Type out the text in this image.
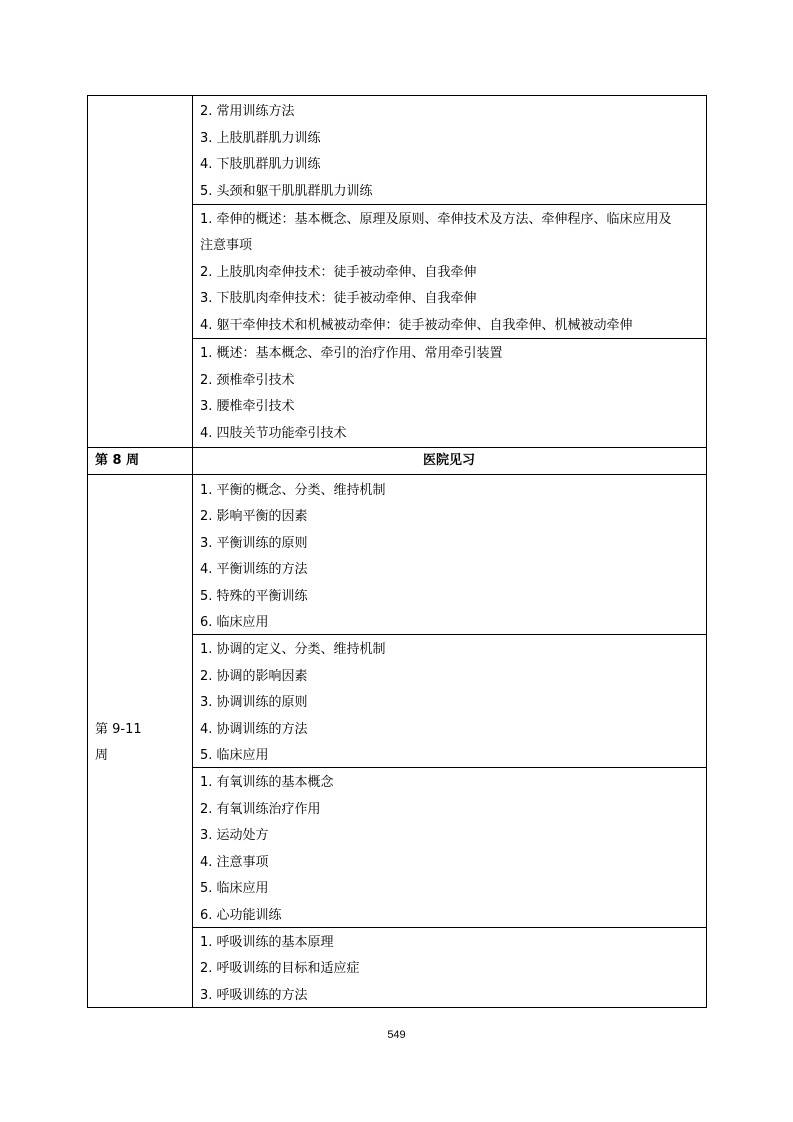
2. 常用训练方法
3. 上肢肌群肌力训练
4. 下肢肌群肌力训练
5. 头颈和躯干肌肌群肌力训练
1. 牵伸的概述：基本概念、原理及原则、牵伸技术及方法、牵伸程序、临床应用及
注意事项
2. 上肢肌肉牵伸技术：徒手被动牵伸、自我牵伸
3. 下肢肌肉牵伸技术：徒手被动牵伸、自我牵伸
4. 躯干牵伸技术和机械被动牵伸：徒手被动牵伸、自我牵伸、机械被动牵伸
1. 概述：基本概念、牵引的治疗作用、常用牵引装置
2. 颈椎牵引技术
3. 腰椎牵引技术
4. 四肢关节功能牵引技术
第 8 周	医院见习
1. 平衡的概念、分类、维持机制
2. 影响平衡的因素
3. 平衡训练的原则
4. 平衡训练的方法
5. 特殊的平衡训练
6. 临床应用
1. 协调的定义、分类、维持机制
2. 协调的影响因素
3. 协调训练的原则
4. 协调训练的方法
5. 临床应用
第 9-11
周
1. 有氧训练的基本概念
2. 有氧训练治疗作用
3. 运动处方
4. 注意事项
5. 临床应用
6. 心功能训练
1. 呼吸训练的基本原理
2. 呼吸训练的目标和适应症
3. 呼吸训练的方法
549
